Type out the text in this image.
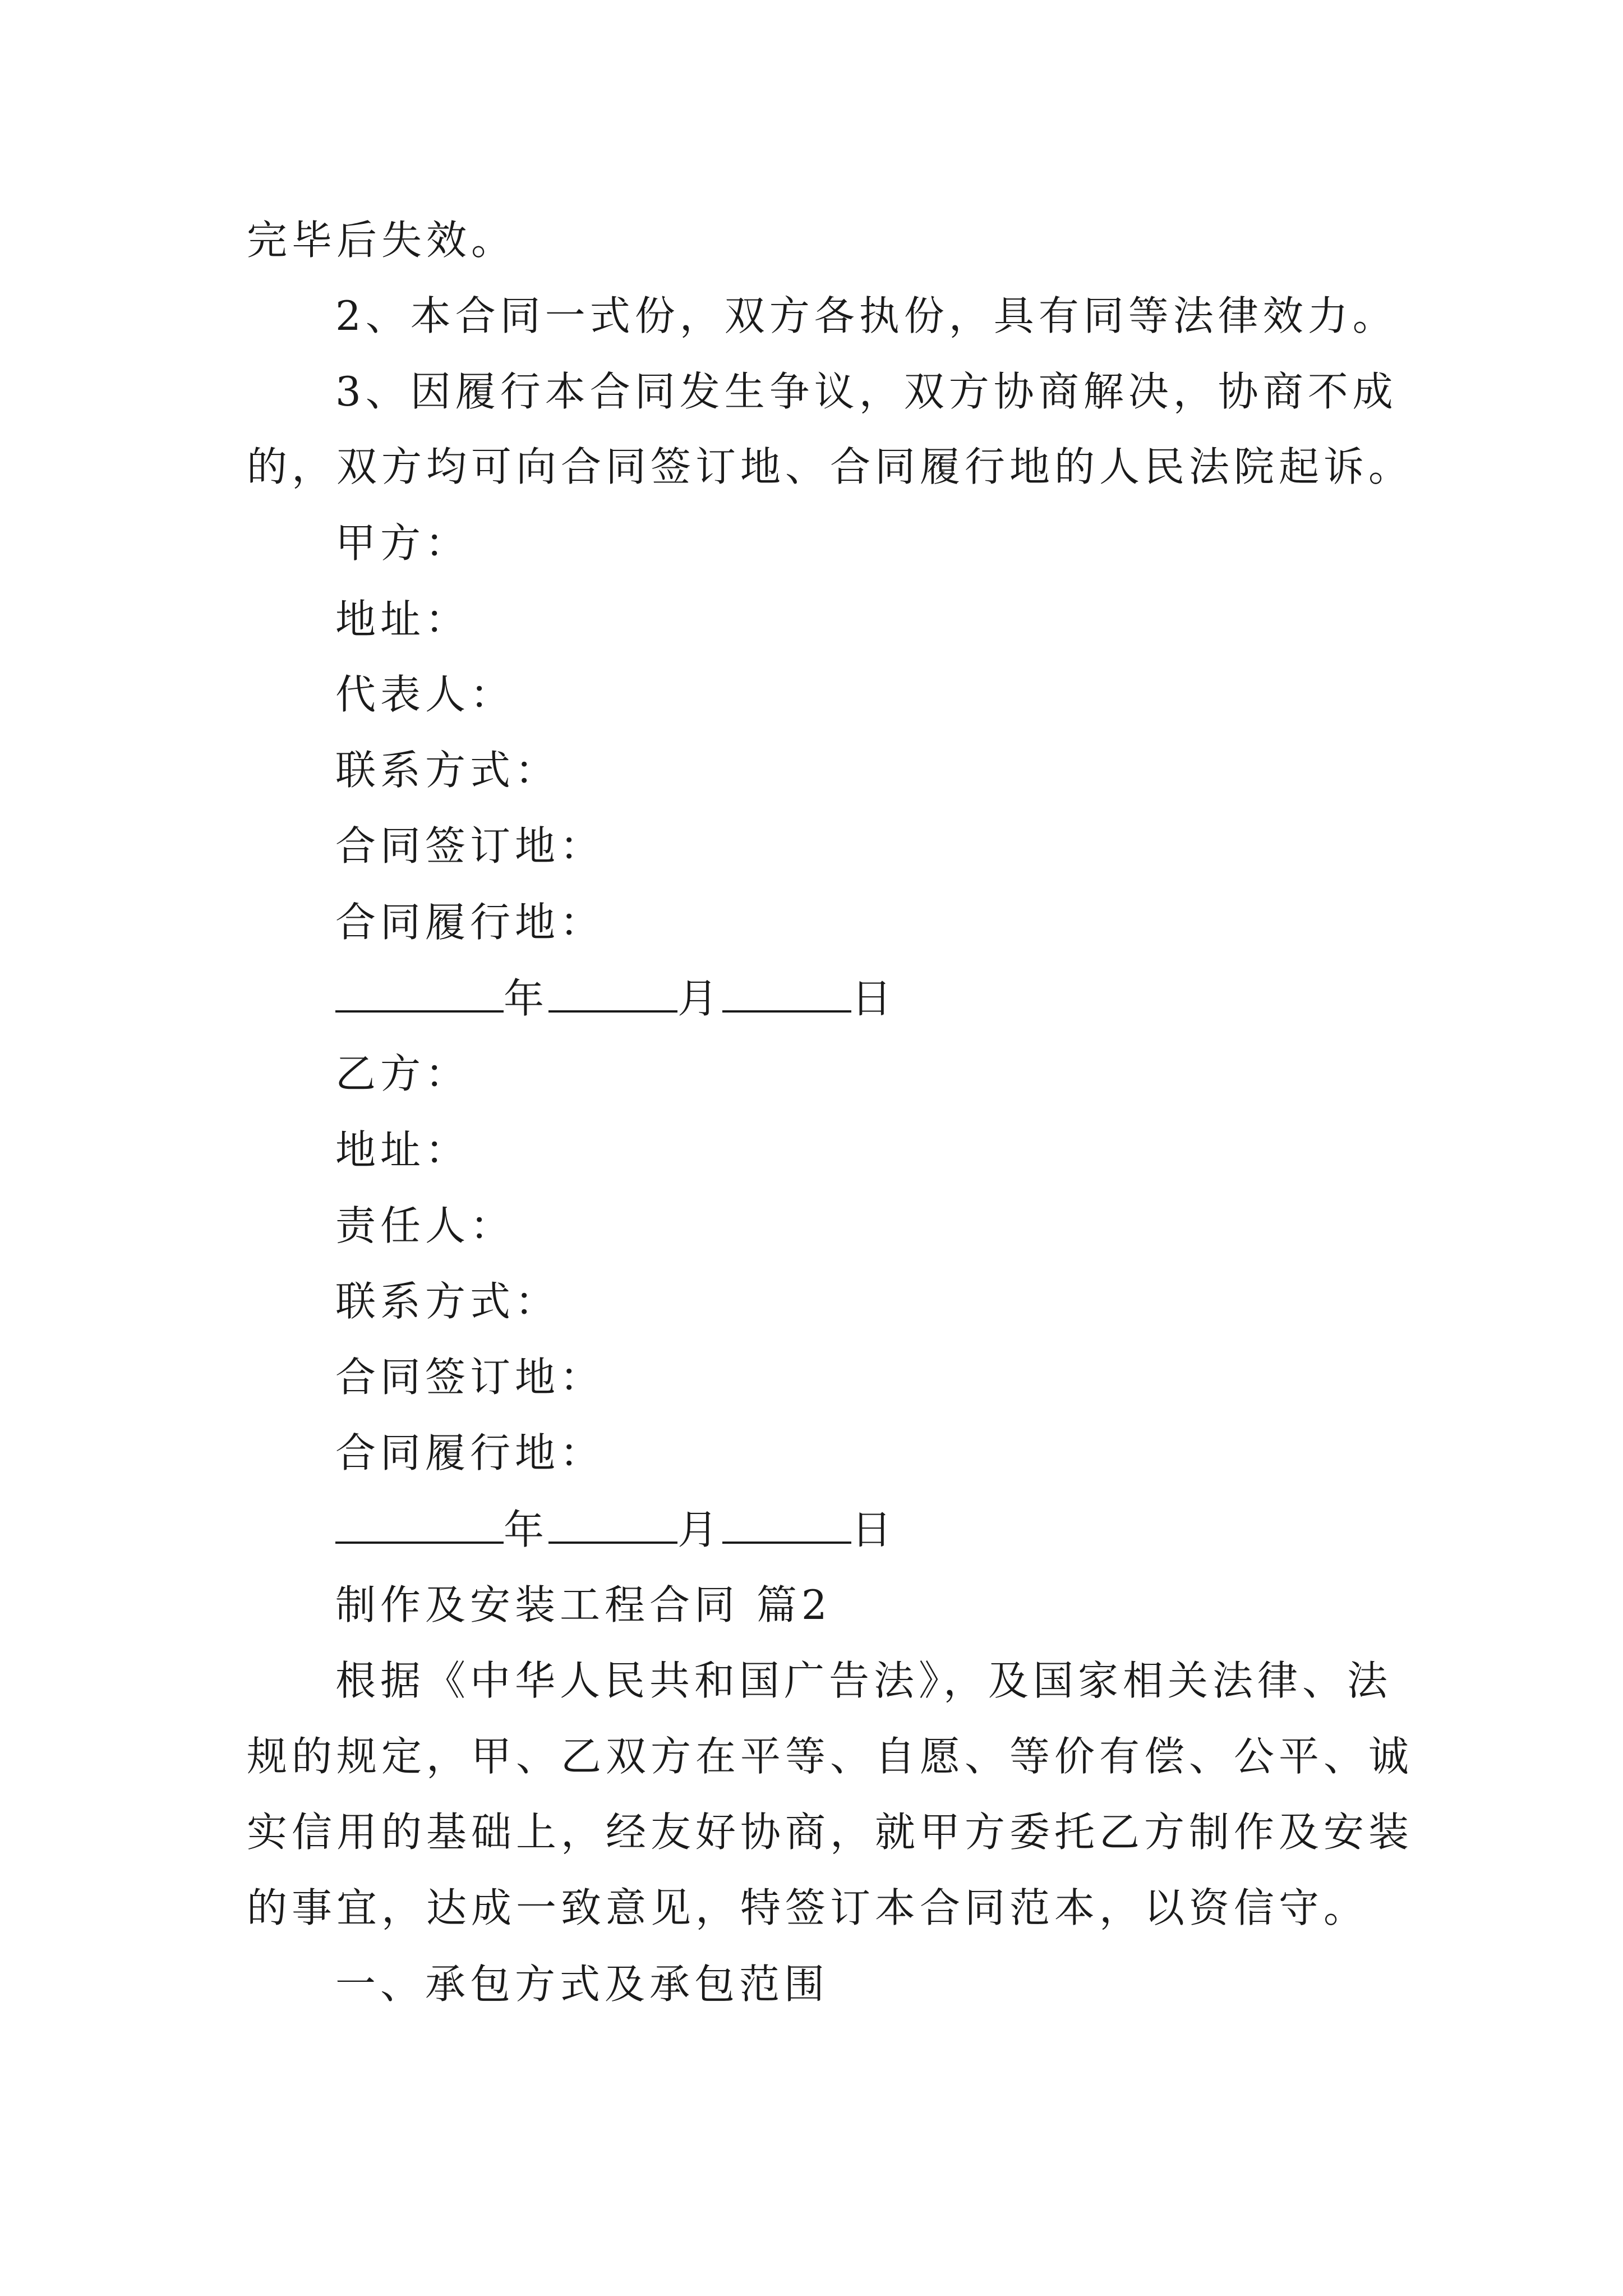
完毕后失效。
2、本合同一式份，双方各执份，具有同等法律效力。
3、因履行本合同发生争议，双方协商解决，协商不成
的，双方均可向合同签订地、合同履行地的人民法院起诉。
甲方：
地址：
代表人：
联系方式：
合同签订地：
合同履行地：
年	月	日
乙方：
地址：
责任人：
联系方式：
合同签订地：
合同履行地：
年	月	日
制作及安装工程合同 篇2
根据《中华人民共和国广告法》，及国家相关法律、法
规的规定，甲、乙双方在平等、自愿、等价有偿、公平、诚
实信用的基础上，经友好协商，就甲方委托乙方制作及安装
的事宜，达成一致意见，特签订本合同范本，以资信守。
一、承包方式及承包范围
